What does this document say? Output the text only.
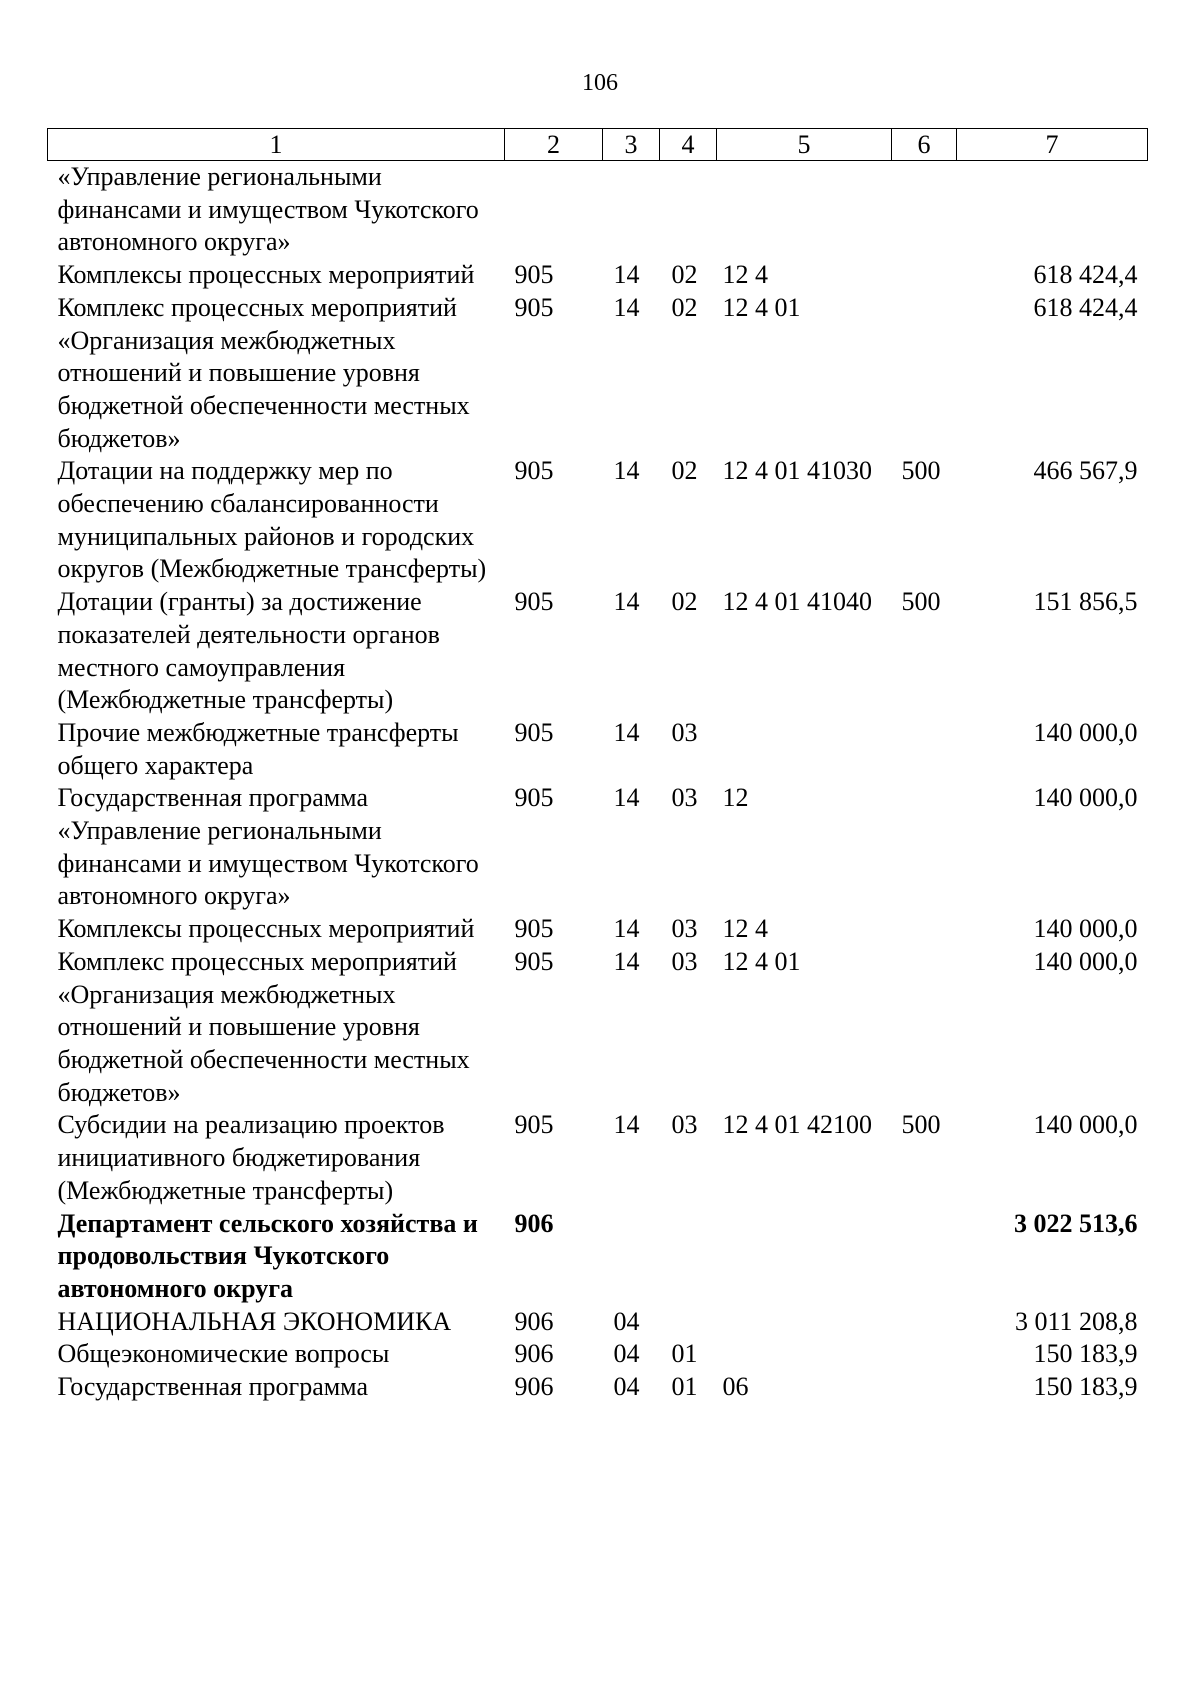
106
1	2	3	4	5	6	7
«Управление региональными финансами и имуществом Чукотского автономного округа»						
Комплексы процессных мероприятий	905	14	02	12 4		618 424,4
Комплекс процессных мероприятий «Организация межбюджетных отношений и повышение уровня бюджетной обеспеченности местных бюджетов»	905	14	02	12 4 01		618 424,4
Дотации на поддержку мер по обеспечению сбалансированности муниципальных районов и городских округов (Межбюджетные трансферты)	905	14	02	12 4 01 41030	500	466 567,9
Дотации (гранты) за достижение показателей деятельности органов местного самоуправления (Межбюджетные трансферты)	905	14	02	12 4 01 41040	500	151 856,5
Прочие межбюджетные трансферты общего характера	905	14	03			140 000,0
Государственная программа «Управление региональными финансами и имуществом Чукотского автономного округа»	905	14	03	12		140 000,0
Комплексы процессных мероприятий	905	14	03	12 4		140 000,0
Комплекс процессных мероприятий «Организация межбюджетных отношений и повышение уровня бюджетной обеспеченности местных бюджетов»	905	14	03	12 4 01		140 000,0
Субсидии на реализацию проектов инициативного бюджетирования (Межбюджетные трансферты)	905	14	03	12 4 01 42100	500	140 000,0
Департамент сельского хозяйства и продовольствия Чукотского автономного округа	906					3 022 513,6
НАЦИОНАЛЬНАЯ ЭКОНОМИКА	906	04				3 011 208,8
Общеэкономические вопросы	906	04	01			150 183,9
Государственная программа	906	04	01	06		150 183,9
